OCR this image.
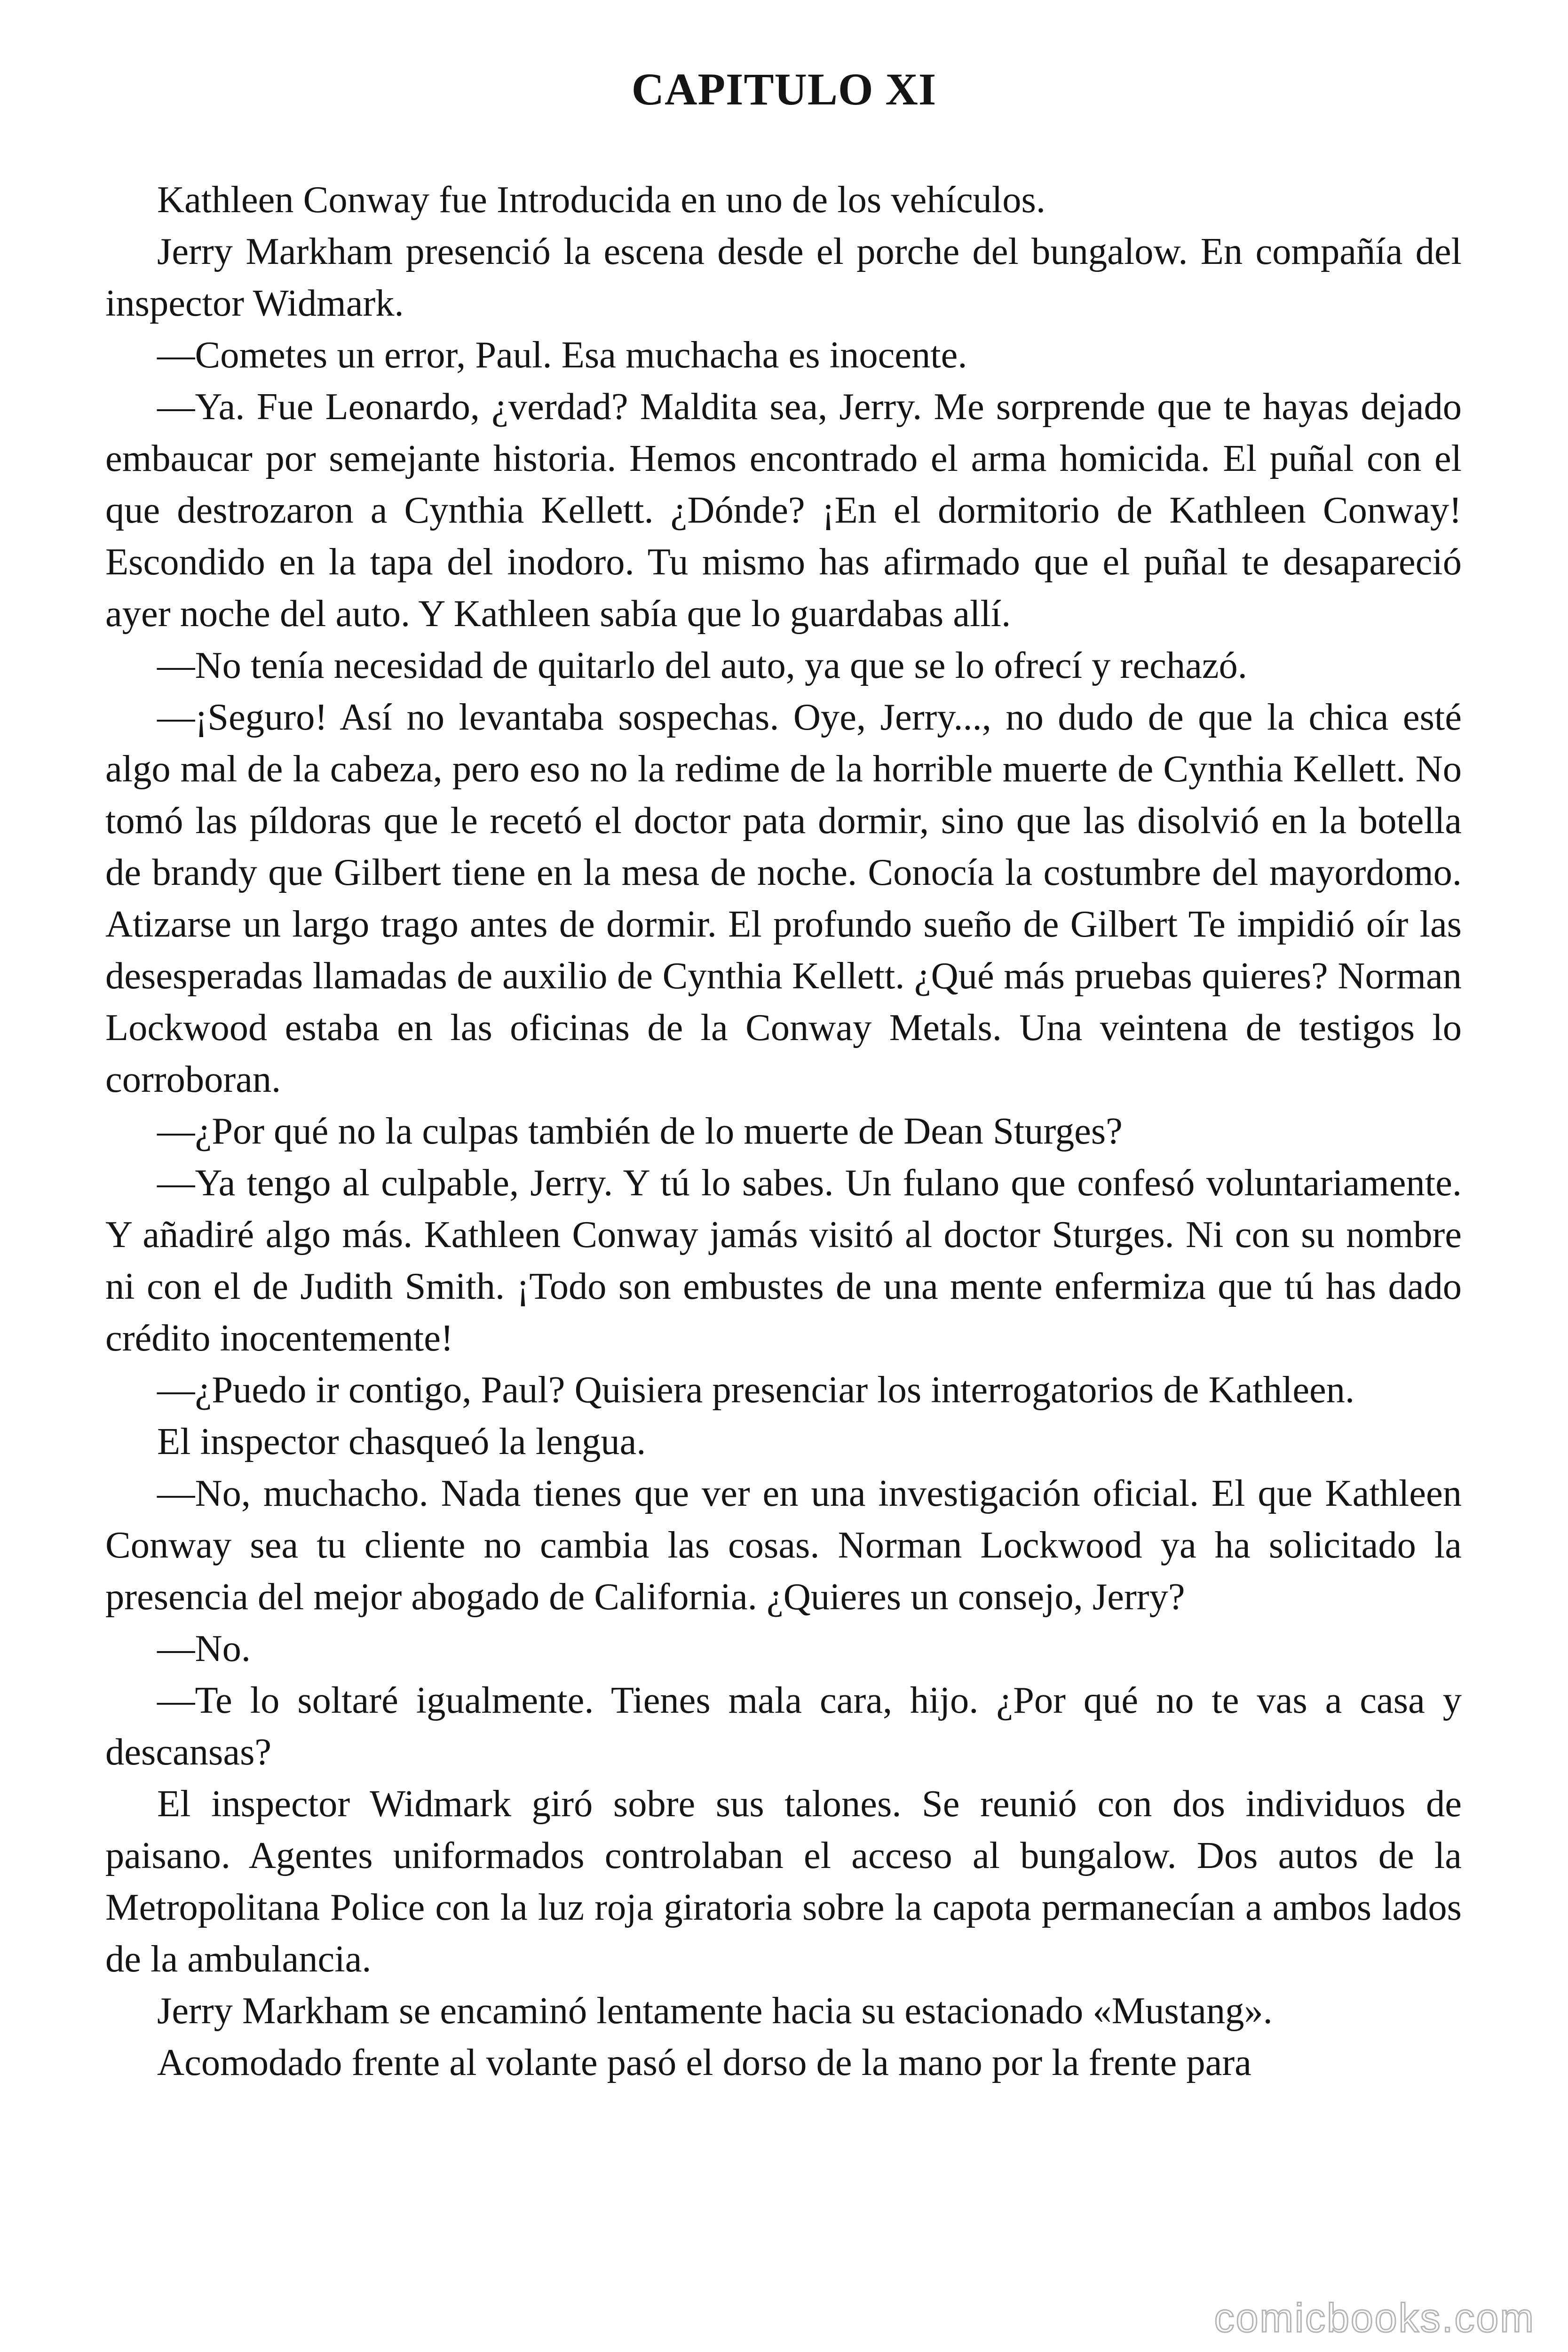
CAPITULO XI

Kathleen Conway fue Introducida en uno de los vehículos.

Jerry Markham presenció la escena desde el porche del bungalow. En compañía del inspector Widmark.

—Cometes un error, Paul. Esa muchacha es inocente.

—Ya. Fue Leonardo, ¿verdad? Maldita sea, Jerry. Me sorprende que te hayas dejado embaucar por semejante historia. Hemos encontrado el arma homicida. El puñal con el que destrozaron a Cynthia Kellett. ¿Dónde? ¡En el dormitorio de Kathleen Conway! Escondido en la tapa del inodoro. Tu mismo has afirmado que el puñal te desapareció ayer noche del auto. Y Kathleen sabía que lo guardabas allí.

—No tenía necesidad de quitarlo del auto, ya que se lo ofrecí y rechazó.

—¡Seguro! Así no levantaba sospechas. Oye, Jerry..., no dudo de que la chica esté algo mal de la cabeza, pero eso no la redime de la horrible muerte de Cynthia Kellett. No tomó las píldoras que le recetó el doctor pata dormir, sino que las disolvió en la botella de brandy que Gilbert tiene en la mesa de noche. Conocía la costumbre del mayordomo. Atizarse un largo trago antes de dormir. El profundo sueño de Gilbert Te impidió oír las desesperadas llamadas de auxilio de Cynthia Kellett. ¿Qué más pruebas quieres? Norman Lockwood estaba en las oficinas de la Conway Metals. Una veintena de testigos lo corroboran.

—¿Por qué no la culpas también de lo muerte de Dean Sturges?

—Ya tengo al culpable, Jerry. Y tú lo sabes. Un fulano que confesó voluntariamente. Y añadiré algo más. Kathleen Conway jamás visitó al doctor Sturges. Ni con su nombre ni con el de Judith Smith. ¡Todo son embustes de una mente enfermiza que tú has dado crédito inocentemente!

—¿Puedo ir contigo, Paul? Quisiera presenciar los interrogatorios de Kathleen.

El inspector chasqueó la lengua.

—No, muchacho. Nada tienes que ver en una investigación oficial. El que Kathleen Conway sea tu cliente no cambia las cosas. Norman Lockwood ya ha solicitado la presencia del mejor abogado de California. ¿Quieres un consejo, Jerry?

—No.

—Te lo soltaré igualmente. Tienes mala cara, hijo. ¿Por qué no te vas a casa y descansas?

El inspector Widmark giró sobre sus talones. Se reunió con dos individuos de paisano. Agentes uniformados controlaban el acceso al bungalow. Dos autos de la Metropolitana Police con la luz roja giratoria sobre la capota permanecían a ambos lados de la ambulancia.

Jerry Markham se encaminó lentamente hacia su estacionado «Mustang».

Acomodado frente al volante pasó el dorso de la mano por la frente para

comicbooks.com
